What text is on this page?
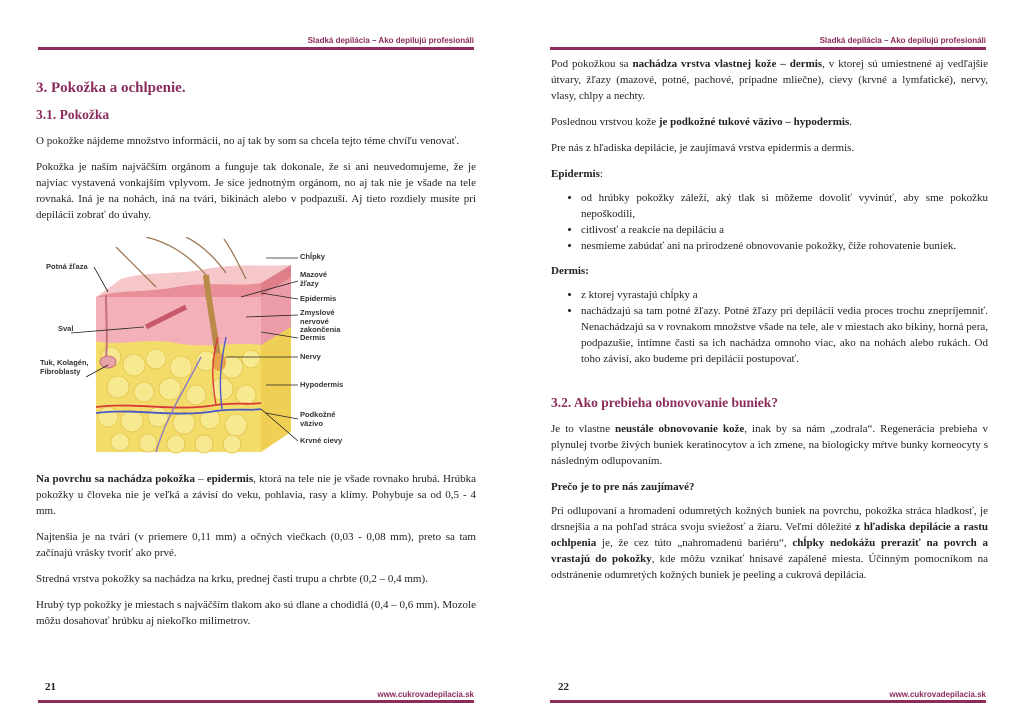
Sladká depilácia – Ako depilujú profesionáli
3. Pokožka a ochlpenie.
3.1. Pokožka

O pokožke nájdeme množstvo informácii, no aj tak by som sa chcela tejto téme chvíľu venovať.

Pokožka je naším najväčším orgánom a funguje tak dokonale, že si ani neuvedomujeme, že je najviac vystavená vonkajším vplyvom. Je síce jednotným orgánom, no aj tak nie je všade na tele rovnaká. Iná je na nohách, iná na tvári, bikinách alebo v podpazuší. Aj tieto rozdiely musíte pri depilácii zobrať do úvahy.

Potná žľaza
Sval
Tuk, Kolagén, Fibroblasty
Chĺpky
Mazové žľazy
Epidermis
Zmyslové nervové zakončenia
Dermis
Nervy
Hypodermis
Podkožné väzivo
Krvné cievy

Na povrchu sa nachádza pokožka – epidermis, ktorá na tele nie je všade rovnako hrubá. Hrúbka pokožky u človeka nie je veľká a závisí do veku, pohlavia, rasy a klímy. Pohybuje sa od 0,5 - 4 mm.

Najtenšia je na tvári (v priemere 0,11 mm) a očných viečkach (0,03 - 0,08 mm), preto sa tam začínajú vrásky tvoriť ako prvé.

Stredná vrstva pokožky sa nachádza na krku, prednej časti trupu a chrbte (0,2 – 0,4 mm).

Hrubý typ pokožky je miestach s najväčším tlakom ako sú dlane a chodidlá (0,4 – 0,6 mm). Mozole môžu dosahovať hrúbku aj niekoľko milimetrov.

21
www.cukrovadepilacia.sk
Sladká depilácia – Ako depilujú profesionáli

Pod pokožkou sa nachádza vrstva vlastnej kože – dermis, v ktorej sú umiestnené aj vedľajšie útvary, žľazy (mazové, potné, pachové, prípadne mliečne), cievy (krvné a lymfatické), nervy, vlasy, chlpy a nechty.

Poslednou vrstvou kože je podkožné tukové väzivo – hypodermis.

Pre nás z hľadiska depilácie, je zaujímavá vrstva epidermis a dermis.

Epidermis:
• od hrúbky pokožky záleží, aký tlak si môžeme dovoliť vyvinúť, aby sme pokožku nepoškodili,
• citlivosť a reakcie na depiláciu a
• nesmieme zabúdať ani na prirodzené obnovovanie pokožky, čiže rohovatenie buniek.
Dermis:
• z ktorej vyrastajú chĺpky a
• nachádzajú sa tam potné žľazy. Potné žľazy pri depilácii vedia proces trochu znepríjemniť. Nenachádzajú sa v rovnakom množstve všade na tele, ale v miestach ako bikiny, horná pera, podpazušie, intímne časti sa ich nachádza omnoho viac, ako na nohách alebo rukách. Od toho závisí, ako budeme pri depilácii postupovať.
3.2. Ako prebieha obnovovanie buniek?

Je to vlastne neustále obnovovanie kože, inak by sa nám „zodrala“. Regenerácia prebieha v plynulej tvorbe živých buniek keratinocytov a ich zmene, na biologicky mŕtve bunky korneocyty s následným odlupovaním.

Prečo je to pre nás zaujímavé?

Pri odlupovaní a hromadení odumretých kožných buniek na povrchu, pokožka stráca hladkosť, je drsnejšia a na pohľad stráca svoju sviežosť a žiaru. Veľmi dôležité z hľadiska depilácie a rastu ochlpenia je, že cez túto „nahromadenú bariéru“, chĺpky nedokážu preraziť na povrch a vrastajú do pokožky, kde môžu vznikať hnisavé zapálené miesta. Účinným pomocníkom na odstránenie odumretých kožných buniek je peeling a cukrová depilácia.

22
www.cukrovadepilacia.sk
